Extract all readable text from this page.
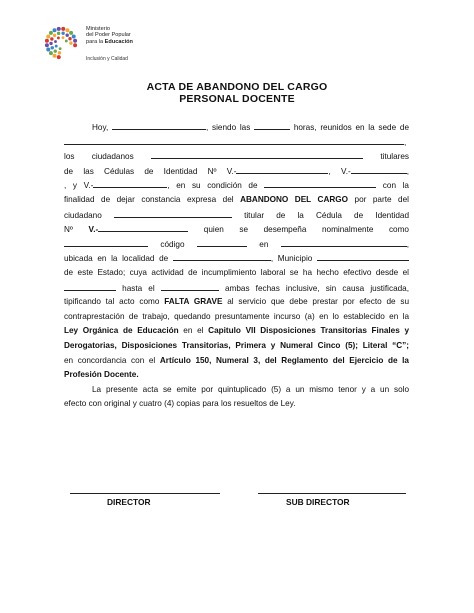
Ministerio
del Poder Popular
para la Educación
Inclusión y Calidad
ACTA DE ABANDONO DEL CARGO
PERSONAL DOCENTE
Hoy,	, siendo las	horas, reunidos en la sede de
,
los ciudadanos	titulares
de las Cédulas de Identidad Nº V.-	, V.-	,
, y V.-	, en su condición de	con la
finalidad de dejar constancia expresa del ABANDONO DEL CARGO por parte del
ciudadano	titular de la Cédula de Identidad
Nº V.-	quien se desempeña nominalmente como
código	en	,
ubicada en la localidad de	, Municipio
de este Estado; cuya actividad de incumplimiento laboral se ha hecho efectivo desde el
hasta el	ambas fechas inclusive, sin causa justificada,
tipificando tal acto como FALTA GRAVE al servicio que debe prestar por efecto de su
contraprestación de trabajo, quedando presuntamente incurso (a) en lo establecido en la
Ley Orgánica de Educación en el Capitulo VII Disposiciones Transitorias Finales y
Derogatorias, Disposiciones Transitorias, Primera y Numeral Cinco (5); Literal “C”;
en concordancia con el Artículo 150, Numeral 3, del Reglamento del Ejercicio de la
Profesión Docente.
La presente acta se emite por quintuplicado (5) a un mismo tenor y a un solo
efecto con original y cuatro (4) copias para los resueltos de Ley.
DIRECTOR	SUB DIRECTOR
